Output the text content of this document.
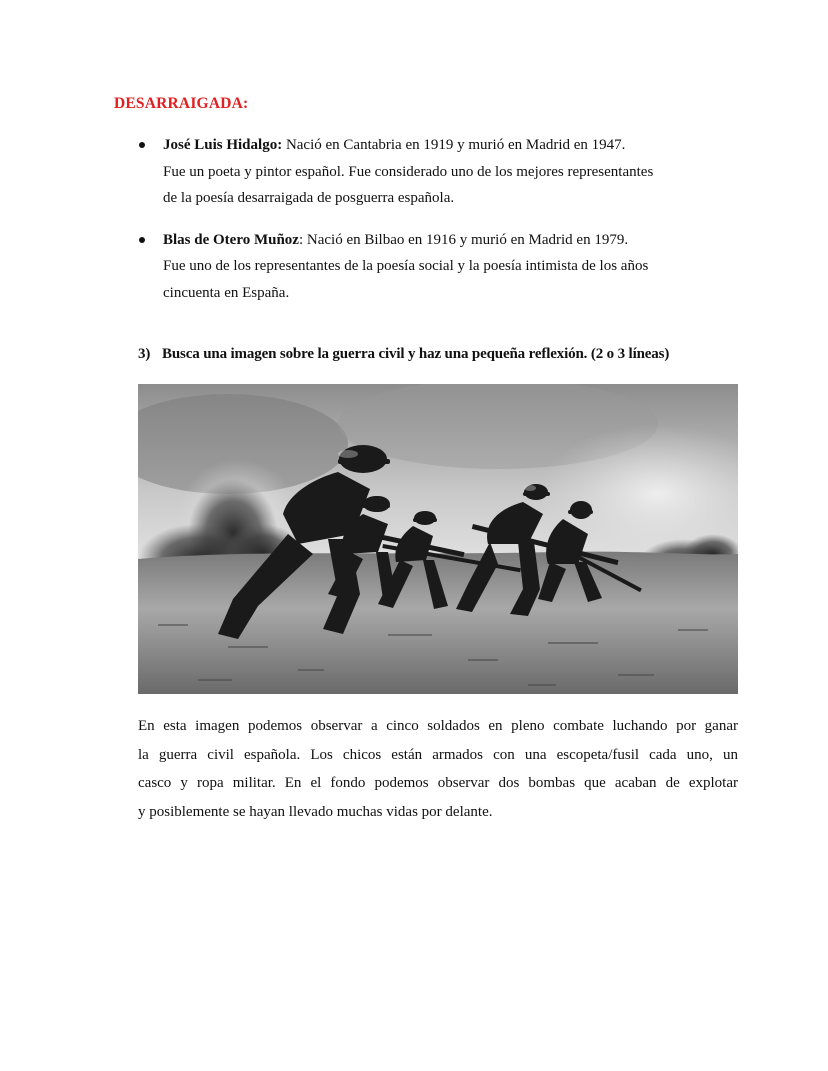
DESARRAIGADA:
José Luis Hidalgo: Nació en Cantabria en 1919 y murió en Madrid en 1947.
Fue un poeta y pintor español. Fue considerado uno de los mejores representantes
de la poesía desarraigada de posguerra española.
Blas de Otero Muñoz: Nació en Bilbao en 1916 y murió en Madrid en 1979.
Fue uno de los representantes de la poesía social y la poesía intimista de los años
cincuenta en España.

3) Busca una imagen sobre la guerra civil y haz una pequeña reflexión. (2 o 3 líneas)

En esta imagen podemos observar a cinco soldados en pleno combate luchando por ganar
la guerra civil española. Los chicos están armados con una escopeta/fusil cada uno, un
casco y ropa militar. En el fondo podemos observar dos bombas que acaban de explotar
y posiblemente se hayan llevado muchas vidas por delante.
